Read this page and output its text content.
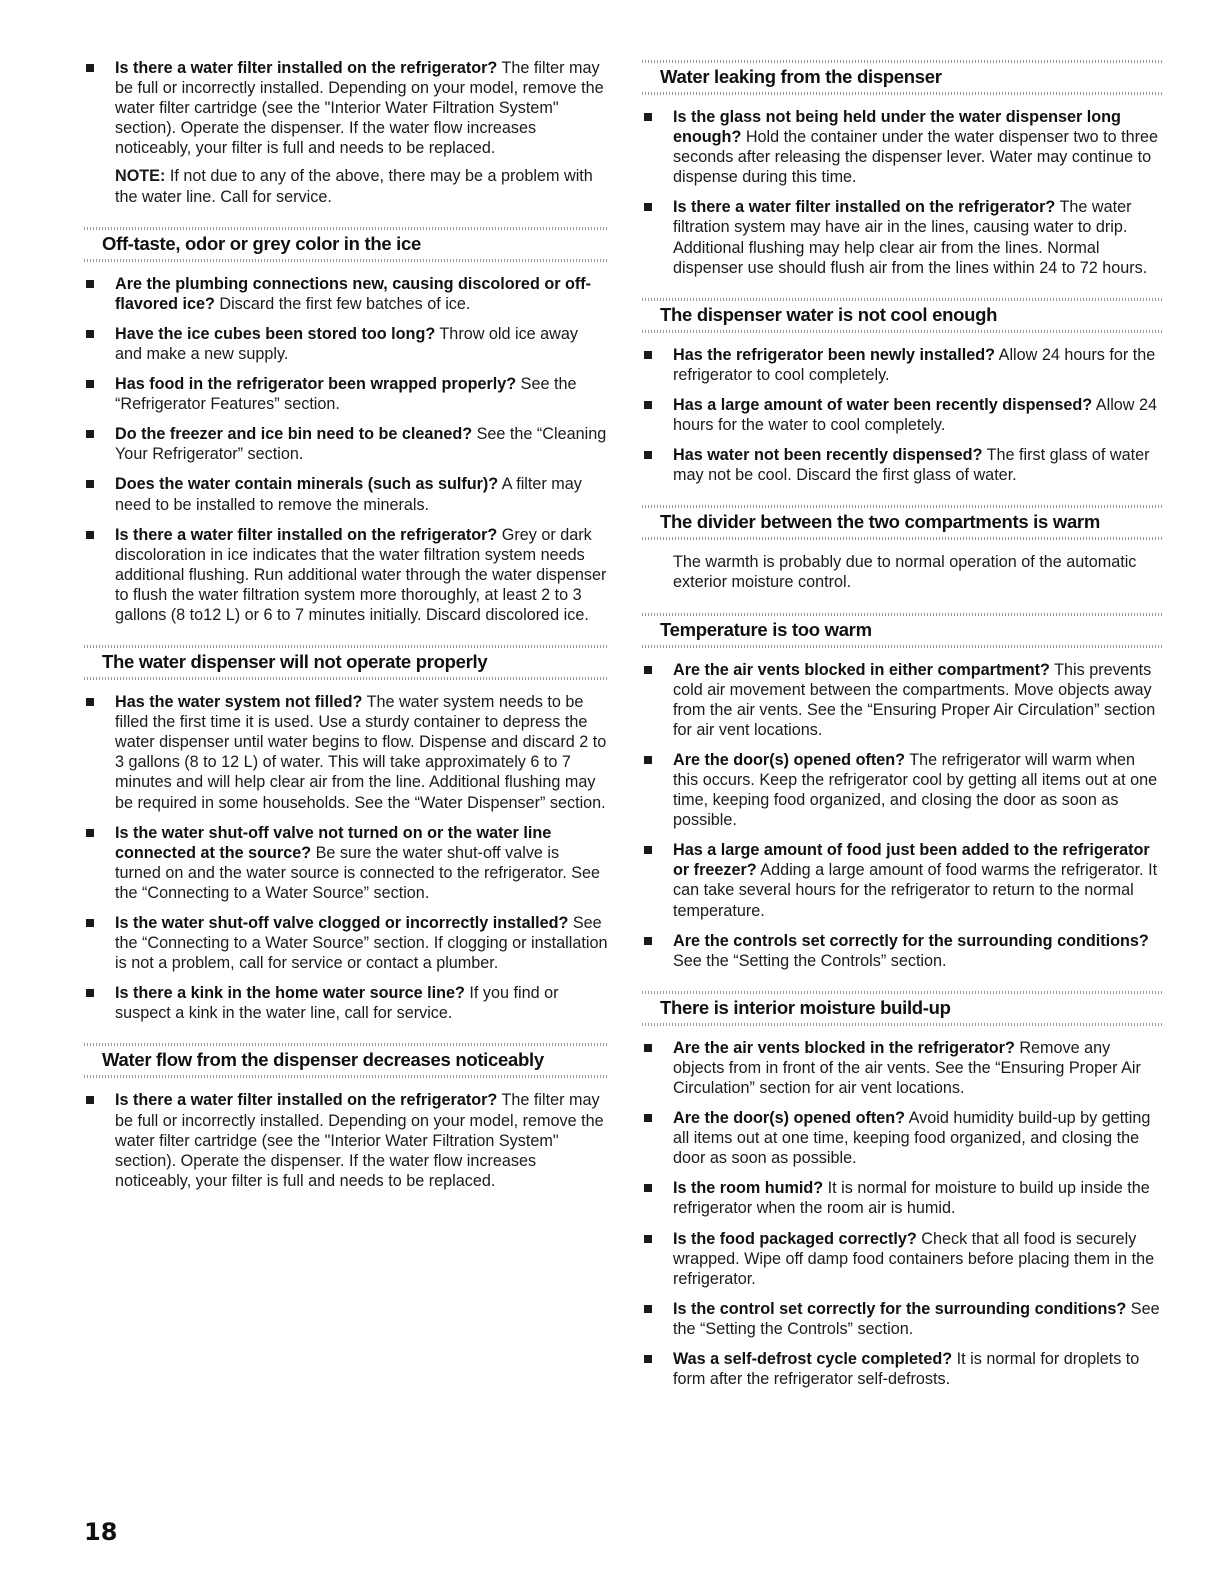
Is there a water filter installed on the refrigerator? The filter may be full or incorrectly installed. Depending on your model, remove the water filter cartridge (see the "Interior Water Filtration System" section). Operate the dispenser. If the water flow increases noticeably, your filter is full and needs to be replaced.
NOTE: If not due to any of the above, there may be a problem with the water line. Call for service.
Off-taste, odor or grey color in the ice
Are the plumbing connections new, causing discolored or off-flavored ice? Discard the first few batches of ice.
Have the ice cubes been stored too long? Throw old ice away and make a new supply.
Has food in the refrigerator been wrapped properly? See the “Refrigerator Features” section.
Do the freezer and ice bin need to be cleaned? See the “Cleaning Your Refrigerator” section.
Does the water contain minerals (such as sulfur)? A filter may need to be installed to remove the minerals.
Is there a water filter installed on the refrigerator? Grey or dark discoloration in ice indicates that the water filtration system needs additional flushing. Run additional water through the water dispenser to flush the water filtration system more thoroughly, at least 2 to 3 gallons (8 to12 L) or 6 to 7 minutes initially. Discard discolored ice.
The water dispenser will not operate properly
Has the water system not filled? The water system needs to be filled the first time it is used. Use a sturdy container to depress the water dispenser until water begins to flow. Dispense and discard 2 to 3 gallons (8 to 12 L) of water. This will take approximately 6 to 7 minutes and will help clear air from the line. Additional flushing may be required in some households. See the “Water Dispenser” section.
Is the water shut-off valve not turned on or the water line connected at the source? Be sure the water shut-off valve is turned on and the water source is connected to the refrigerator. See the “Connecting to a Water Source” section.
Is the water shut-off valve clogged or incorrectly installed? See the “Connecting to a Water Source” section. If clogging or installation is not a problem, call for service or contact a plumber.
Is there a kink in the home water source line? If you find or suspect a kink in the water line, call for service.
Water flow from the dispenser decreases noticeably
Is there a water filter installed on the refrigerator? The filter may be full or incorrectly installed. Depending on your model, remove the water filter cartridge (see the "Interior Water Filtration System" section). Operate the dispenser. If the water flow increases noticeably, your filter is full and needs to be replaced.
Water leaking from the dispenser
Is the glass not being held under the water dispenser long enough? Hold the container under the water dispenser two to three seconds after releasing the dispenser lever. Water may continue to dispense during this time.
Is there a water filter installed on the refrigerator? The water filtration system may have air in the lines, causing water to drip. Additional flushing may help clear air from the lines. Normal dispenser use should flush air from the lines within 24 to 72 hours.
The dispenser water is not cool enough
Has the refrigerator been newly installed? Allow 24 hours for the refrigerator to cool completely.
Has a large amount of water been recently dispensed? Allow 24 hours for the water to cool completely.
Has water not been recently dispensed? The first glass of water may not be cool. Discard the first glass of water.
The divider between the two compartments is warm
The warmth is probably due to normal operation of the automatic exterior moisture control.
Temperature is too warm
Are the air vents blocked in either compartment? This prevents cold air movement between the compartments. Move objects away from the air vents. See the “Ensuring Proper Air Circulation” section for air vent locations.
Are the door(s) opened often? The refrigerator will warm when this occurs. Keep the refrigerator cool by getting all items out at one time, keeping food organized, and closing the door as soon as possible.
Has a large amount of food just been added to the refrigerator or freezer? Adding a large amount of food warms the refrigerator. It can take several hours for the refrigerator to return to the normal temperature.
Are the controls set correctly for the surrounding conditions? See the “Setting the Controls” section.
There is interior moisture build-up
Are the air vents blocked in the refrigerator? Remove any objects from in front of the air vents. See the “Ensuring Proper Air Circulation” section for air vent locations.
Are the door(s) opened often? Avoid humidity build-up by getting all items out at one time, keeping food organized, and closing the door as soon as possible.
Is the room humid? It is normal for moisture to build up inside the refrigerator when the room air is humid.
Is the food packaged correctly? Check that all food is securely wrapped. Wipe off damp food containers before placing them in the refrigerator.
Is the control set correctly for the surrounding conditions? See the “Setting the Controls” section.
Was a self-defrost cycle completed? It is normal for droplets to form after the refrigerator self-defrosts.
18
